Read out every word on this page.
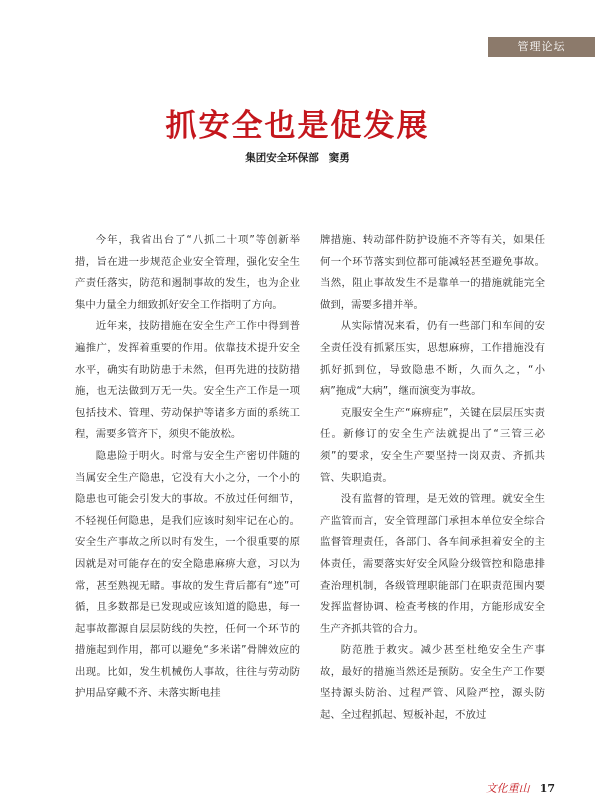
管理论坛
抓安全也是促发展
集团安全环保部 窦勇

今年，我省出台了“八抓二十项”等创新举措，旨在进一步规范企业安全管理，强化安全生产责任落实，防范和遏制事故的发生，也为企业集中力量全力细致抓好安全工作指明了方向。

近年来，技防措施在安全生产工作中得到普遍推广，发挥着重要的作用。依靠技术提升安全水平，确实有助防患于未然，但再先进的技防措施，也无法做到万无一失。安全生产工作是一项包括技术、管理、劳动保护等诸多方面的系统工程，需要多管齐下，须臾不能放松。

隐患险于明火。时常与安全生产密切伴随的当属安全生产隐患，它没有大小之分，一个小的隐患也可能会引发大的事故。不放过任何细节，不轻视任何隐患，是我们应该时刻牢记在心的。安全生产事故之所以时有发生，一个很重要的原因就是对可能存在的安全隐患麻痹大意，习以为常，甚至熟视无睹。事故的发生背后都有“迹”可循，且多数都是已发现或应该知道的隐患，每一起事故都源自层层防线的失控，任何一个环节的措施起到作用，都可以避免“多米诺”骨牌效应的出现。比如，发生机械伤人事故，往往与劳动防护用品穿戴不齐、未落实断电挂

牌措施、转动部件防护设施不齐等有关，如果任何一个环节落实到位都可能减轻甚至避免事故。当然，阻止事故发生不是靠单一的措施就能完全做到，需要多措并举。

从实际情况来看，仍有一些部门和车间的安全责任没有抓紧压实，思想麻痹，工作措施没有抓好抓到位，导致隐患不断，久而久之，“小病”拖成“大病”，继而演变为事故。

克服安全生产“麻痹症”，关键在层层压实责任。新修订的安全生产法就提出了“三管三必须”的要求，安全生产要坚持一岗双责、齐抓共管、失职追责。

没有监督的管理，是无效的管理。就安全生产监管而言，安全管理部门承担本单位安全综合监督管理责任，各部门、各车间承担着安全的主体责任，需要落实好安全风险分级管控和隐患排查治理机制，各级管理职能部门在职责范围内要发挥监督协调、检查考核的作用，方能形成安全生产齐抓共管的合力。

防范胜于救灾。减少甚至杜绝安全生产事故，最好的措施当然还是预防。安全生产工作要坚持源头防治、过程严管、风险严控，源头防起、全过程抓起、短板补起，不放过

文化重山 17
